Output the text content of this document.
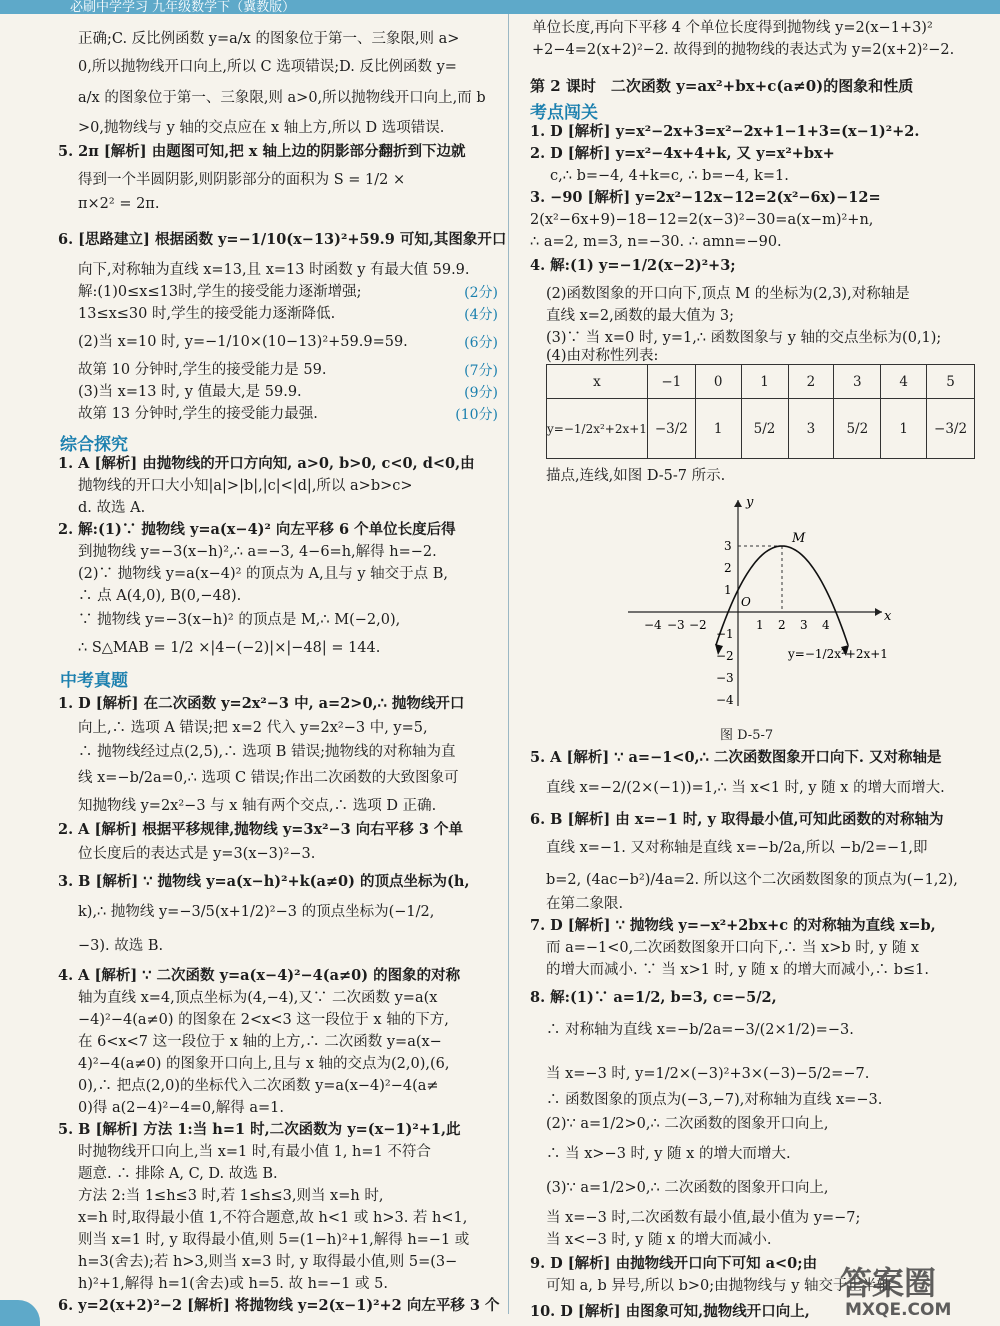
必刷中学学习 九年级数学下（冀教版）
正确;C. 反比例函数 y=a/x 的图象位于第一、三象限,则 a>
0,所以抛物线开口向上,所以 C 选项错误;D. 反比例函数 y=
a/x 的图象位于第一、三象限,则 a>0,所以抛物线开口向上,而 b
>0,抛物线与 y 轴的交点应在 x 轴上方,所以 D 选项错误.
5. 2π [解析] 由题图可知,把 x 轴上边的阴影部分翻折到下边就
得到一个半圆阴影,则阴影部分的面积为 S = 1/2 ×
π×2² = 2π.
6. [思路建立] 根据函数 y=−1/10(x−13)²+59.9 可知,其图象开口
向下,对称轴为直线 x=13,且 x=13 时函数 y 有最大值 59.9.
解:(1)0≤x≤13时,学生的接受能力逐渐增强;
13≤x≤30 时,学生的接受能力逐渐降低.
(2)当 x=10 时, y=−1/10×(10−13)²+59.9=59.
故第 10 分钟时,学生的接受能力是 59.
(3)当 x=13 时, y 值最大,是 59.9.
故第 13 分钟时,学生的接受能力最强.
(2分)
(4分)
(6分)
(7分)
(9分)
(10分)
综合探究
1. A [解析] 由抛物线的开口方向知, a>0, b>0, c<0, d<0,由
抛物线的开口大小知|a|>|b|,|c|<|d|,所以 a>b>c>
d. 故选 A.
2. 解:(1)∵ 抛物线 y=a(x−4)² 向左平移 6 个单位长度后得
到抛物线 y=−3(x−h)²,∴ a=−3, 4−6=h,解得 h=−2.
(2)∵ 抛物线 y=a(x−4)² 的顶点为 A,且与 y 轴交于点 B,
∴ 点 A(4,0), B(0,−48).
∵ 抛物线 y=−3(x−h)² 的顶点是 M,∴ M(−2,0),
∴ S△MAB = 1/2 ×|4−(−2)|×|−48| = 144.
中考真题
1. D [解析] 在二次函数 y=2x²−3 中, a=2>0,∴ 抛物线开口
向上,∴ 选项 A 错误;把 x=2 代入 y=2x²−3 中, y=5,
∴ 抛物线经过点(2,5),∴ 选项 B 错误;抛物线的对称轴为直
线 x=−b/2a=0,∴ 选项 C 错误;作出二次函数的大致图象可
知抛物线 y=2x²−3 与 x 轴有两个交点,∴ 选项 D 正确.
2. A [解析] 根据平移规律,抛物线 y=3x²−3 向右平移 3 个单
位长度后的表达式是 y=3(x−3)²−3.
3. B [解析] ∵ 抛物线 y=a(x−h)²+k(a≠0) 的顶点坐标为(h,
k),∴ 抛物线 y=−3/5(x+1/2)²−3 的顶点坐标为(−1/2,
−3). 故选 B.
4. A [解析] ∵ 二次函数 y=a(x−4)²−4(a≠0) 的图象的对称
轴为直线 x=4,顶点坐标为(4,−4),又∵ 二次函数 y=a(x
−4)²−4(a≠0) 的图象在 2<x<3 这一段位于 x 轴的下方,
在 6<x<7 这一段位于 x 轴的上方,∴ 二次函数 y=a(x−
4)²−4(a≠0) 的图象开口向上,且与 x 轴的交点为(2,0),(6,
0),∴ 把点(2,0)的坐标代入二次函数 y=a(x−4)²−4(a≠
0)得 a(2−4)²−4=0,解得 a=1.
5. B [解析] 方法 1:当 h=1 时,二次函数为 y=(x−1)²+1,此
时抛物线开口向上,当 x=1 时,有最小值 1, h=1 不符合
题意. ∴ 排除 A, C, D. 故选 B.
方法 2:当 1≤h≤3 时,若 1≤h≤3,则当 x=h 时,
x=h 时,取得最小值 1,不符合题意,故 h<1 或 h>3. 若 h<1,
则当 x=1 时, y 取得最小值,则 5=(1−h)²+1,解得 h=−1 或
h=3(舍去);若 h>3,则当 x=3 时, y 取得最小值,则 5=(3−
h)²+1,解得 h=1(舍去)或 h=5. 故 h=−1 或 5.
6. y=2(x+2)²−2 [解析] 将抛物线 y=2(x−1)²+2 向左平移 3 个
单位长度,再向下平移 4 个单位长度得到抛物线 y=2(x−1+3)²
+2−4=2(x+2)²−2. 故得到的抛物线的表达式为 y=2(x+2)²−2.
第 2 课时　二次函数 y=ax²+bx+c(a≠0)的图象和性质
考点闯关
1. D [解析] y=x²−2x+3=x²−2x+1−1+3=(x−1)²+2.
2. D [解析] y=x²−4x+4+k, 又 y=x²+bx+
c,∴ b=−4, 4+k=c, ∴ b=−4, k=1.
3. −90 [解析] y=2x²−12x−12=2(x²−6x)−12=
2(x²−6x+9)−18−12=2(x−3)²−30=a(x−m)²+n,
∴ a=2, m=3, n=−30. ∴ amn=−90.
4. 解:(1) y=−1/2(x−2)²+3;
(2)函数图象的开口向下,顶点 M 的坐标为(2,3),对称轴是
直线 x=2,函数的最大值为 3;
(3)∵ 当 x=0 时, y=1,∴ 函数图象与 y 轴的交点坐标为(0,1);
(4)由对称性列表:
x	−1	0	1	2	3	4	5
y=−1/2x²+2x+1	−3/2	1	5/2	3	5/2	1	−3/2
描点,连线,如图 D-5-7 所示.
−4 −3 −2	1 2 3 4
3
2
1
−1
−2
−3
−4
y
x
O
M
y=−1/2x²+2x+1
图 D-5-7
5. A [解析] ∵ a=−1<0,∴ 二次函数图象开口向下. 又对称轴是
直线 x=−2/(2×(−1))=1,∴ 当 x<1 时, y 随 x 的增大而增大.
6. B [解析] 由 x=−1 时, y 取得最小值,可知此函数的对称轴为
直线 x=−1. 又对称轴是直线 x=−b/2a,所以 −b/2=−1,即
b=2, (4ac−b²)/4a=2. 所以这个二次函数图象的顶点为(−1,2),
在第二象限.
7. D [解析] ∵ 抛物线 y=−x²+2bx+c 的对称轴为直线 x=b,
而 a=−1<0,二次函数图象开口向下,∴ 当 x>b 时, y 随 x
的增大而减小. ∵ 当 x>1 时, y 随 x 的增大而减小,∴ b≤1.
8. 解:(1)∵ a=1/2, b=3, c=−5/2,
∴ 对称轴为直线 x=−b/2a=−3/(2×1/2)=−3.
当 x=−3 时, y=1/2×(−3)²+3×(−3)−5/2=−7.
∴ 函数图象的顶点为(−3,−7),对称轴为直线 x=−3.
(2)∵ a=1/2>0,∴ 二次函数的图象开口向上,
∴ 当 x>−3 时, y 随 x 的增大而增大.
(3)∵ a=1/2>0,∴ 二次函数的图象开口向上,
当 x=−3 时,二次函数有最小值,最小值为 y=−7;
当 x<−3 时, y 随 x 的增大而减小.
9. D [解析] 由抛物线开口向下可知 a<0;由
可知 a, b 异号,所以 b>0;由抛物线与 y 轴交于正半轴
10. D [解析] 由图象可知,抛物线开口向上,
答案圈
MXQE.COM
